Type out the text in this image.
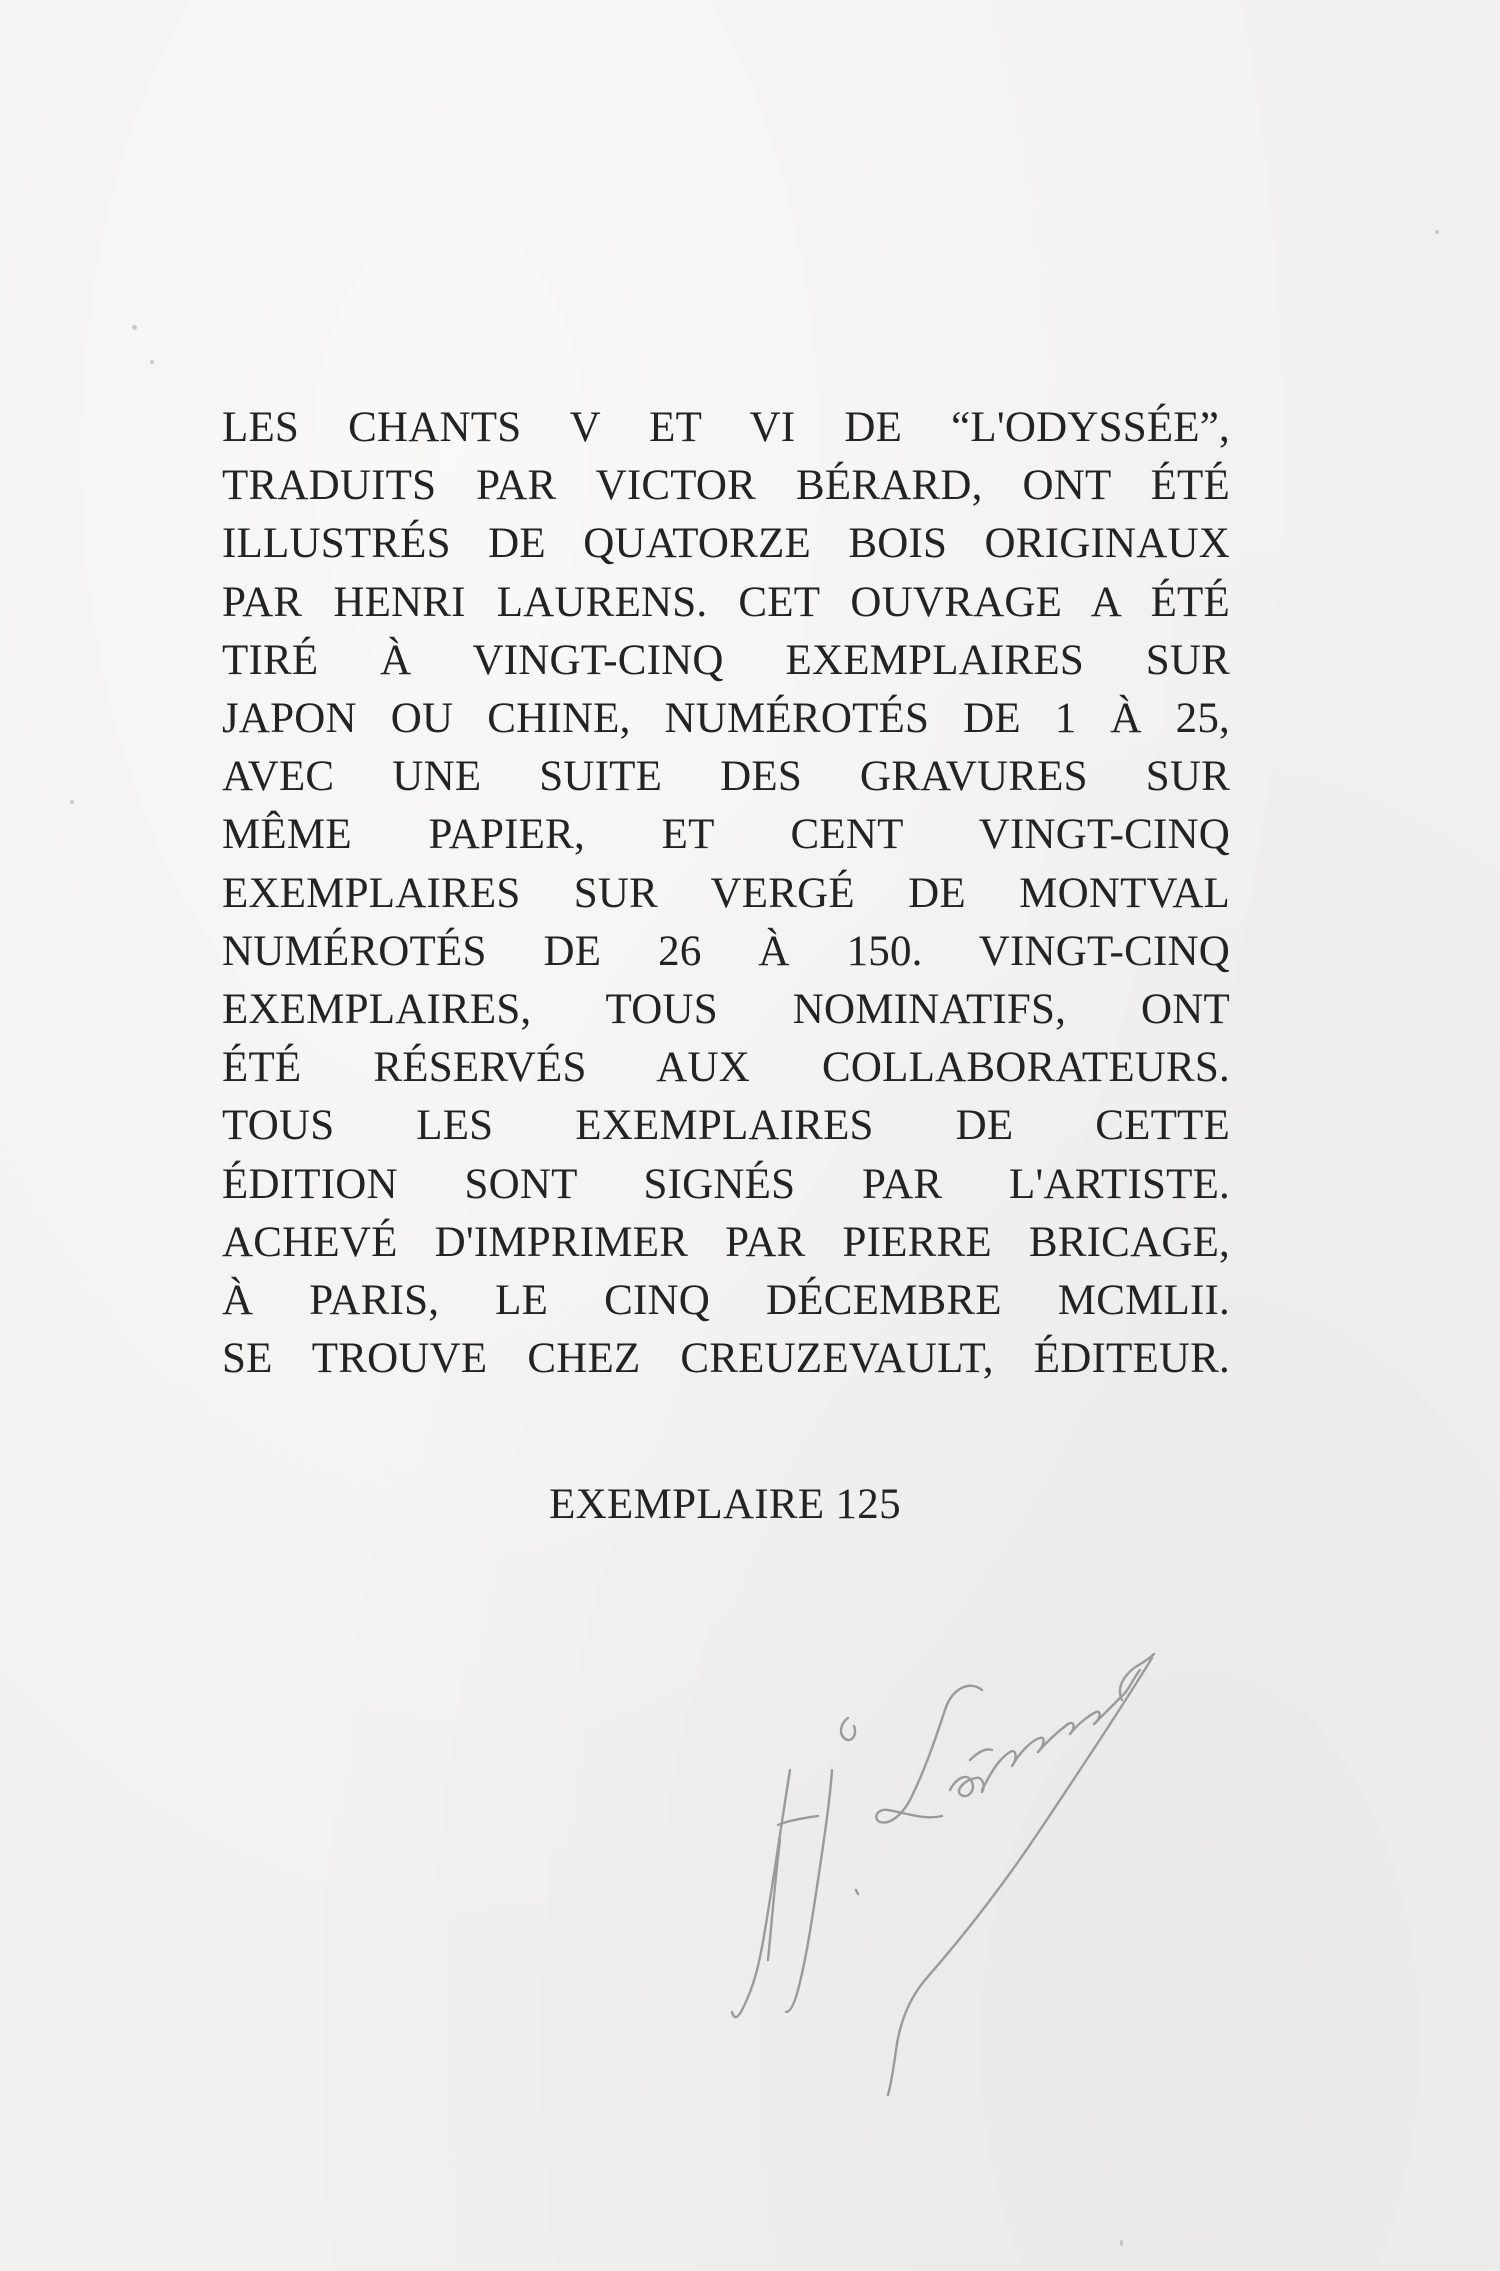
LES CHANTS V ET VI DE “L'ODYSSÉE”,
TRADUITS PAR VICTOR BÉRARD, ONT ÉTÉ
ILLUSTRÉS DE QUATORZE BOIS ORIGINAUX
PAR HENRI LAURENS. CET OUVRAGE A ÉTÉ
TIRÉ À VINGT-CINQ EXEMPLAIRES SUR
JAPON OU CHINE, NUMÉROTÉS DE 1 À 25,
AVEC UNE SUITE DES GRAVURES SUR
MÊME PAPIER, ET CENT VINGT-CINQ
EXEMPLAIRES SUR VERGÉ DE MONTVAL
NUMÉROTÉS DE 26 À 150. VINGT-CINQ
EXEMPLAIRES, TOUS NOMINATIFS, ONT
ÉTÉ RÉSERVÉS AUX COLLABORATEURS.
TOUS LES EXEMPLAIRES DE CETTE
ÉDITION SONT SIGNÉS PAR L'ARTISTE.
ACHEVÉ D'IMPRIMER PAR PIERRE BRICAGE,
À PARIS, LE CINQ DÉCEMBRE MCMLII.
SE TROUVE CHEZ CREUZEVAULT, ÉDITEUR.
EXEMPLAIRE 125
